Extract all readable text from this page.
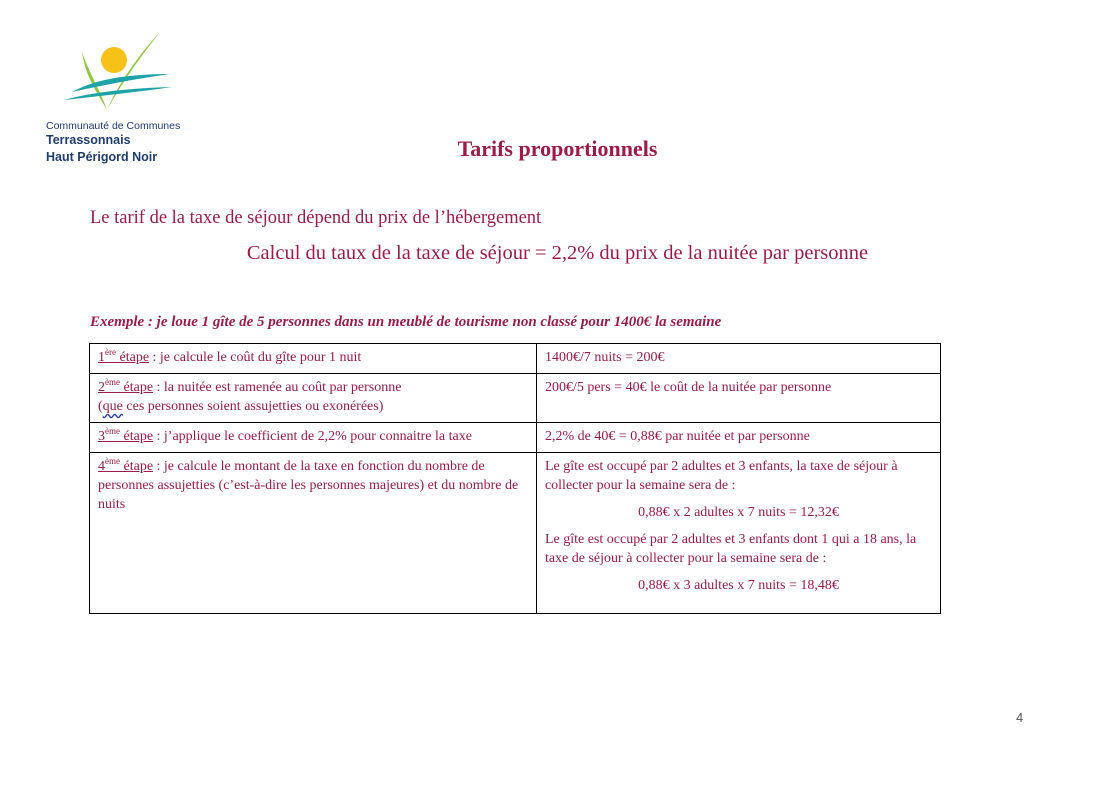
Communauté de Communes
Terrassonnais
Haut Périgord Noir	Tarifs proportionnels
Le tarif de la taxe de séjour dépend du prix de l’hébergement
Calcul du taux de la taxe de séjour = 2,2% du prix de la nuitée par personne
Exemple : je loue 1 gîte de 5 personnes dans un meublé de tourisme non classé pour 1400€ la semaine
1ère étape : je calcule le coût du gîte pour 1 nuit	1400€/7 nuits = 200€
2ème étape : la nuitée est ramenée au coût par personne
(que ces personnes soient assujetties ou exonérées)	200€/5 pers = 40€ le coût de la nuitée par personne
3ème étape : j’applique le coefficient de 2,2% pour connaitre la taxe	2,2% de 40€ = 0,88€ par nuitée et par personne
4ème étape : je calcule le montant de la taxe en fonction du nombre de personnes assujetties (c’est-à-dire les personnes majeures) et du nombre de nuits	Le gîte est occupé par 2 adultes et 3 enfants, la taxe de séjour à collecter pour la semaine sera de :

0,88€ x 2 adultes x 7 nuits = 12,32€

Le gîte est occupé par 2 adultes et 3 enfants dont 1 qui a 18 ans, la taxe de séjour à collecter pour la semaine sera de :

0,88€ x 3 adultes x 7 nuits = 18,48€
4
